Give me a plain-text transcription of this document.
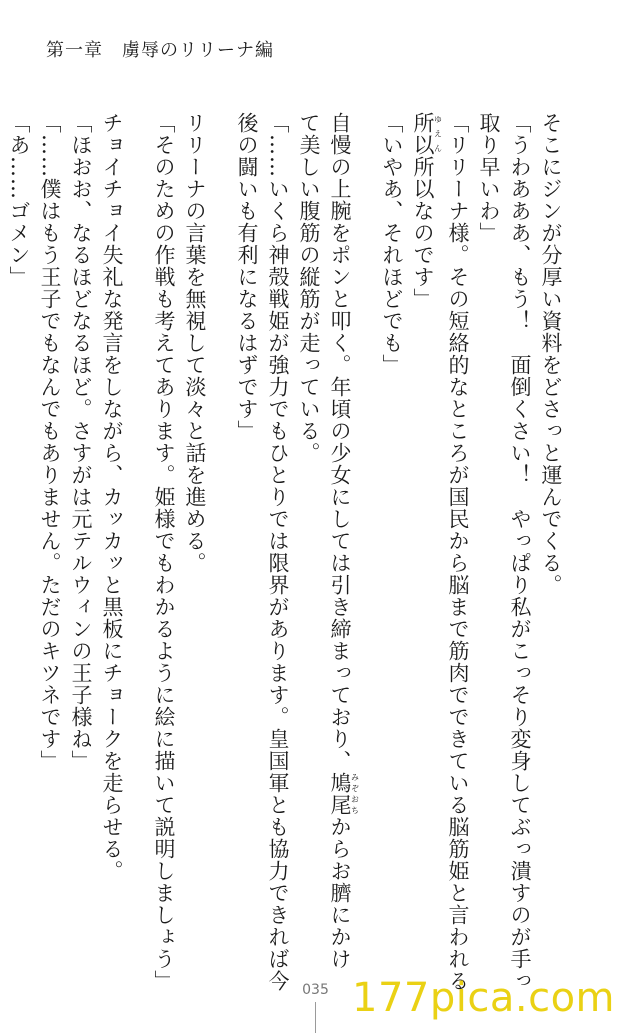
第一章　 虜辱のリリーナ編
そこにジンが分厚い資料をどさっと運んでくる。
「うわあああ、もう！　面倒くさい！　やっぱり私がこっそり変身してぶっ潰すのが手っ
取り早いわ」
「リリーナ様。その短絡的なところが国民から脳まで筋肉でできている脳筋姫と言われる
所以ゆえん所以なのです」
「いやあ、それほどでも」
自慢の上腕をポンと叩く。年頃の少女にしては引き締まっており、鳩尾みぞおちからお臍にかけ
て美しい腹筋の縦筋が走っている。
「……いくら神殻戦姫が強力でもひとりでは限界があります。皇国軍とも協力できれば今
後の闘いも有利になるはずです」
リリーナの言葉を無視して淡々と話を進める。
「そのための作戦も考えてあります。姫様でもわかるように絵に描いて説明しましょう」
チョイチョイ失礼な発言をしながら、カッカッと黒板にチョークを走らせる。
「ほおお、なるほどなるほど。さすがは元テルウィンの王子様ね」
「……僕はもう王子でもなんでもありません。ただのキツネです」
「あ……ゴメン」
035 177pica.com
